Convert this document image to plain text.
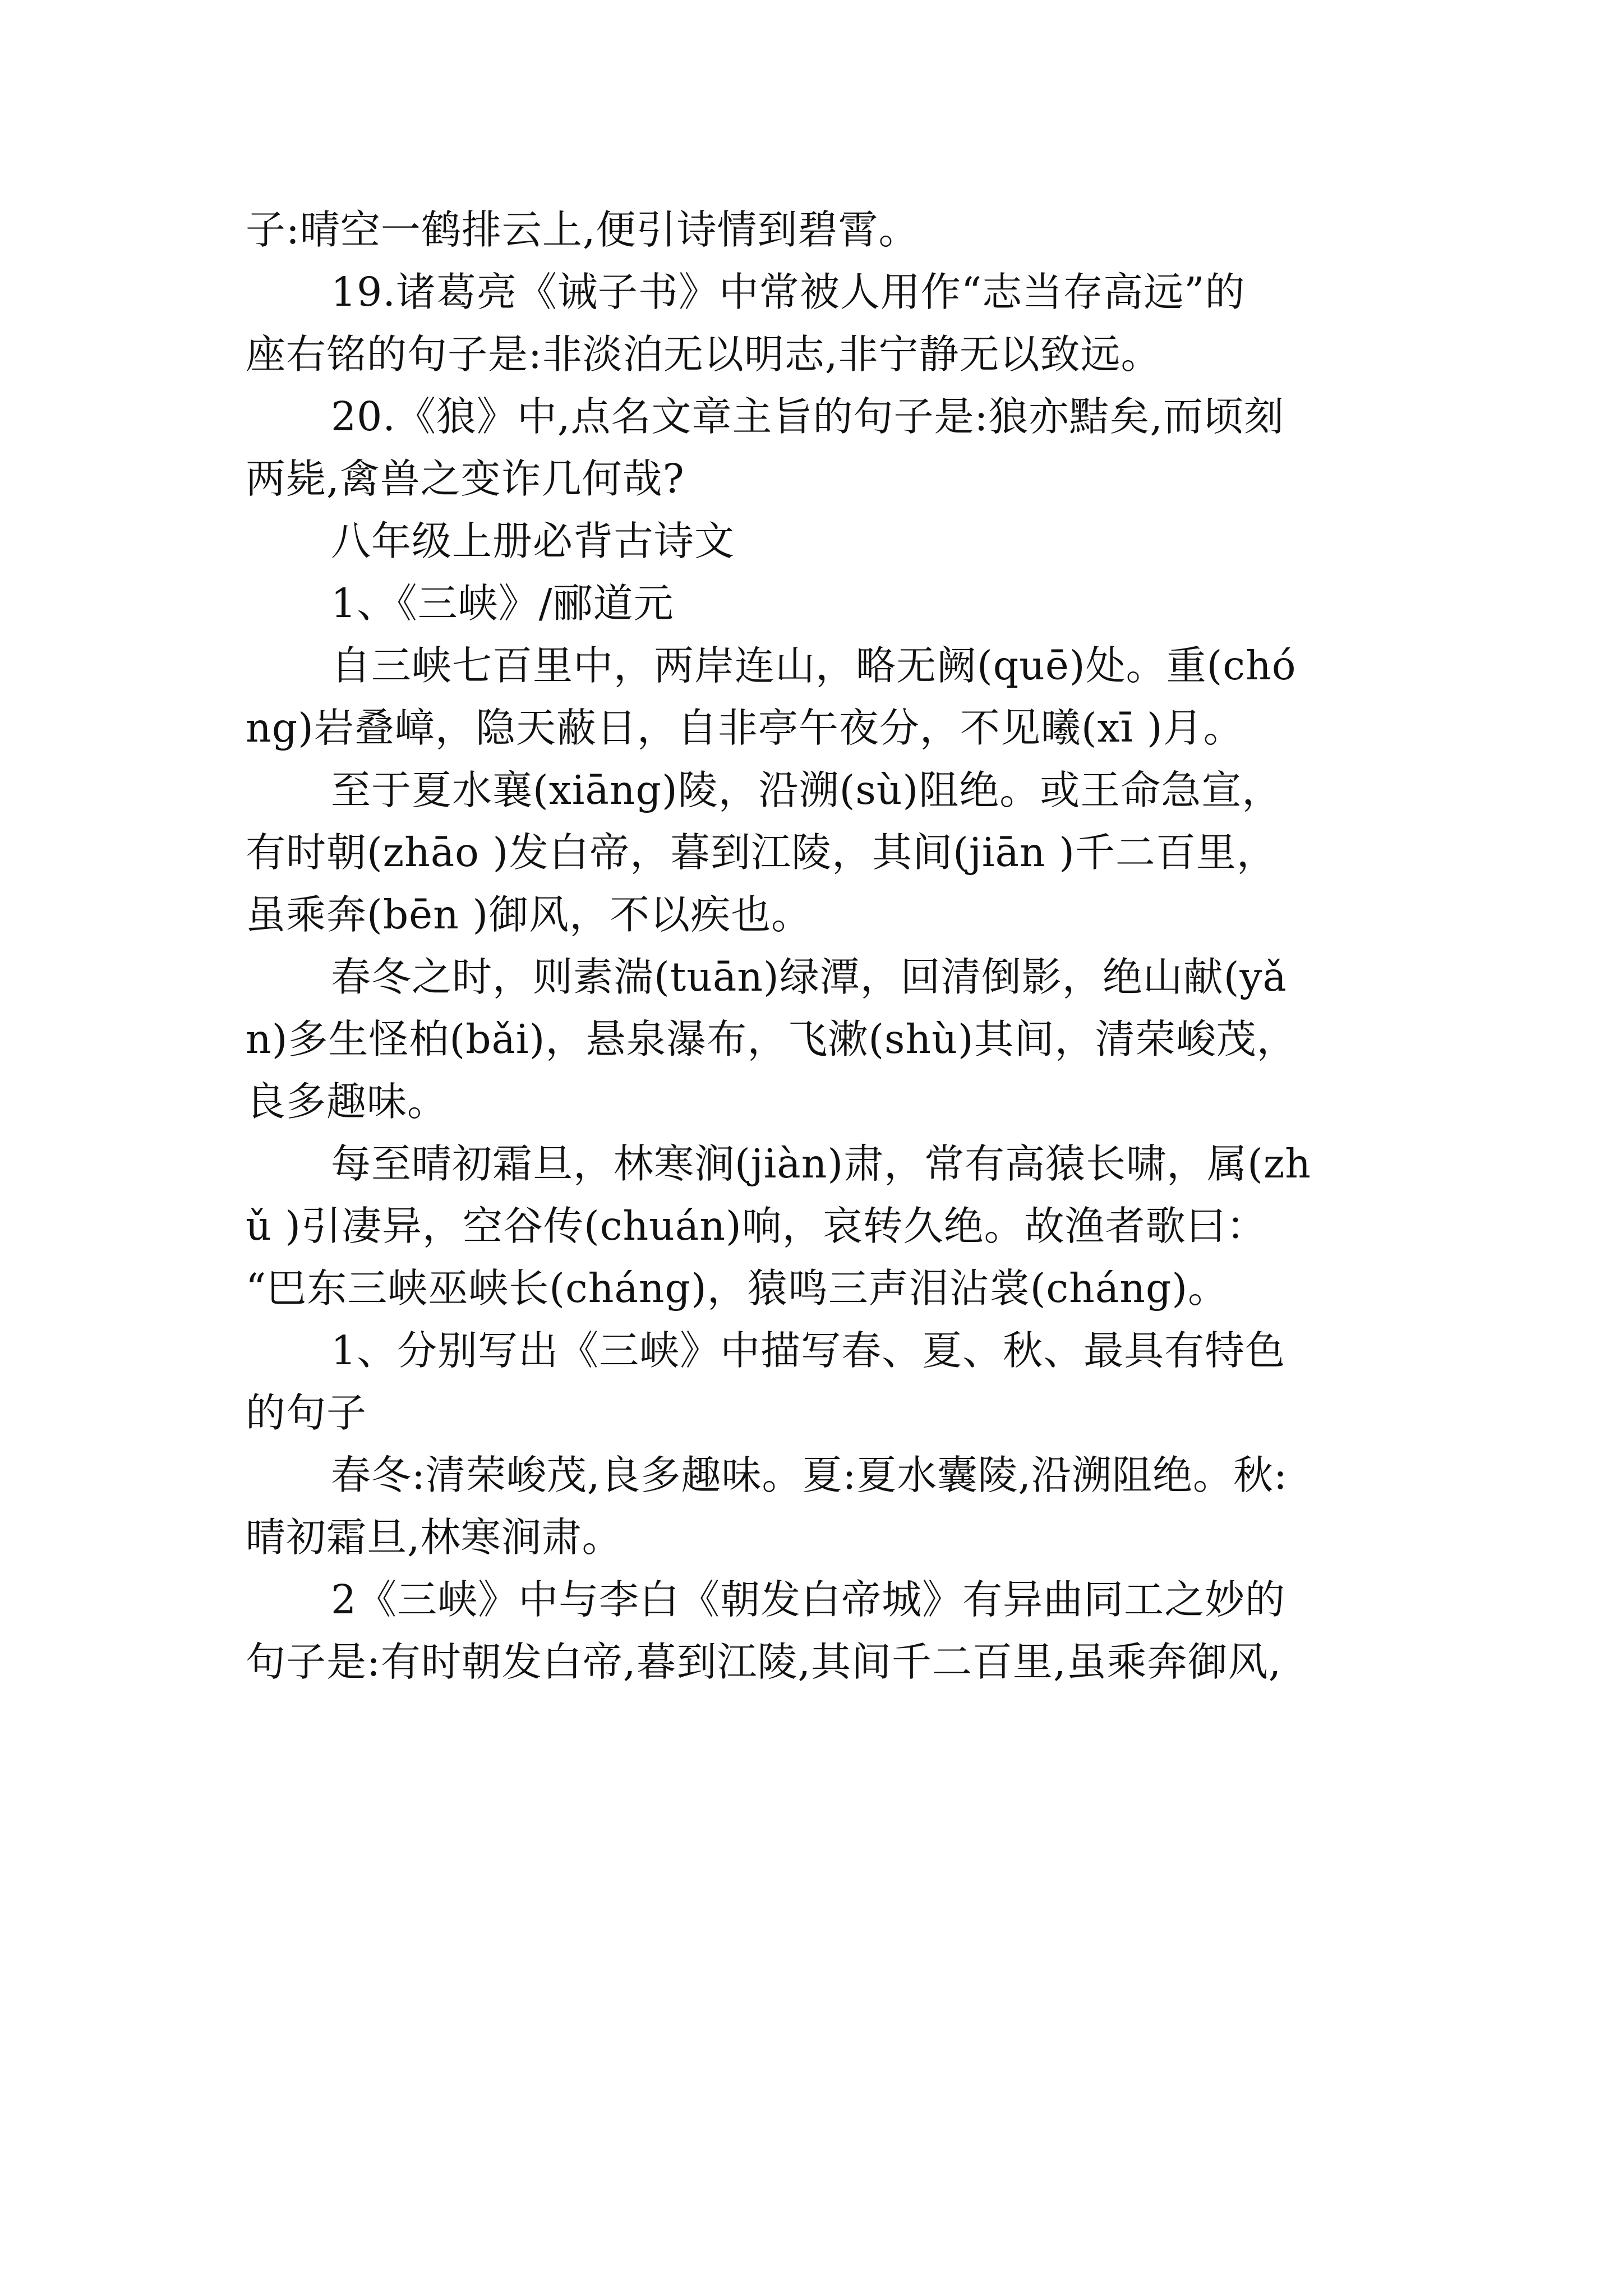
子:晴空一鹤排云上,便引诗情到碧霄。
19.诸葛亮《诫子书》中常被人用作“志当存高远”的
座右铭的句子是:非淡泊无以明志,非宁静无以致远。
20.《狼》中,点名文章主旨的句子是:狼亦黠矣,而顷刻
两毙,禽兽之变诈几何哉?
八年级上册必背古诗文
1、《三峡》/郦道元
自三峡七百里中，两岸连山，略无阙(quē)处。重(chó
ng)岩叠嶂，隐天蔽日，自非亭午夜分，不见曦(xī )月。
至于夏水襄(xiāng)陵，沿溯(sù)阻绝。或王命急宣，
有时朝(zhāo )发白帝，暮到江陵，其间(jiān )千二百里，
虽乘奔(bēn )御风，不以疾也。
春冬之时，则素湍(tuān)绿潭，回清倒影，绝山献(yǎ
n)多生怪柏(bǎi)，悬泉瀑布，飞漱(shù)其间，清荣峻茂，
良多趣味。
每至晴初霜旦，林寒涧(jiàn)肃，常有高猿长啸，属(zh
ǔ )引凄异，空谷传(chuán)响，哀转久绝。故渔者歌曰：
“巴东三峡巫峡长(cháng)，猿鸣三声泪沾裳(cháng)。
1、分别写出《三峡》中描写春、夏、秋、最具有特色
的句子
春冬:清荣峻茂,良多趣味。夏:夏水囊陵,沿溯阻绝。秋:
晴初霜旦,林寒涧肃。
2《三峡》中与李白《朝发白帝城》有异曲同工之妙的
句子是:有时朝发白帝,暮到江陵,其间千二百里,虽乘奔御风,
